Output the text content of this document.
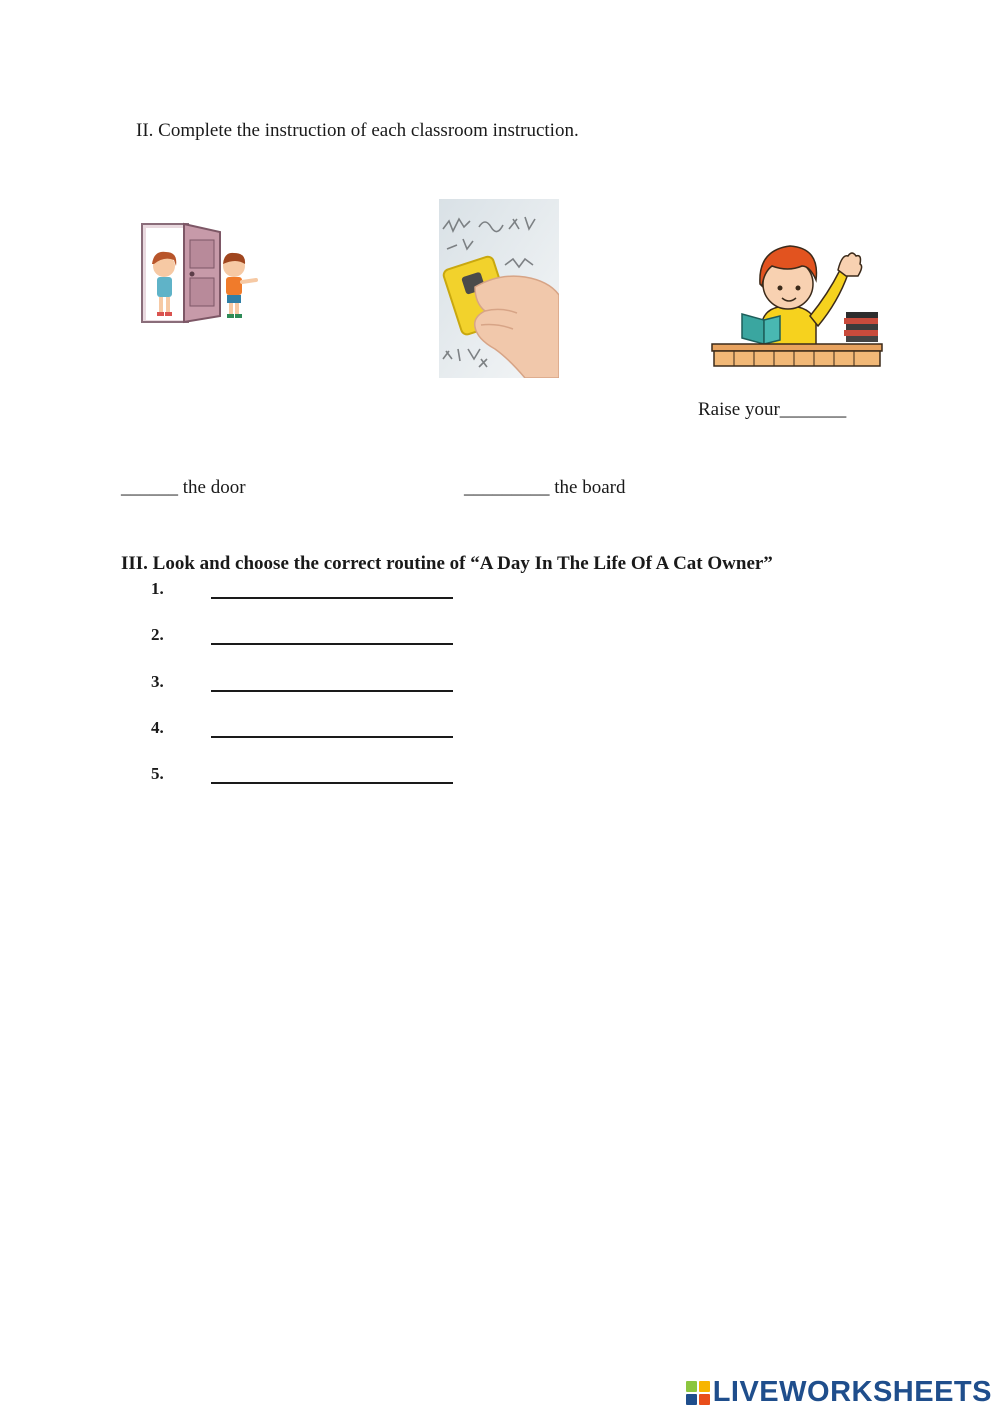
II. Complete the instruction of each classroom instruction.
Raise your_______
______ the door	_________ the board
III. Look and choose the correct routine of “A Day In The Life Of A Cat Owner”
1.
2.
3.
4.
5.
LIVEWORKSHEETS
